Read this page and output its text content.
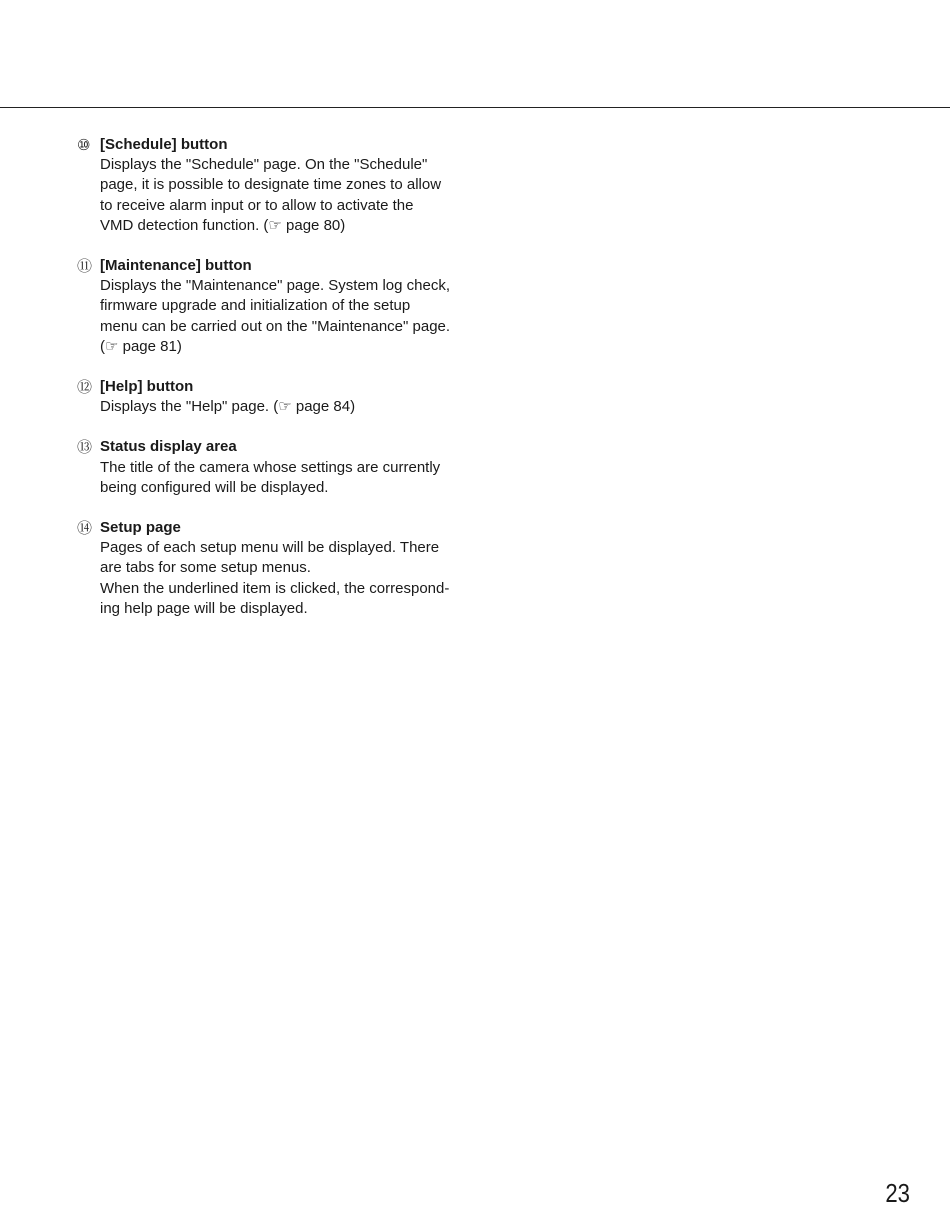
⑩ [Schedule] button
Displays the "Schedule" page. On the "Schedule"
page, it is possible to designate time zones to allow
to receive alarm input or to allow to activate the
VMD detection function. (☞ page 80)
⑪ [Maintenance] button
Displays the "Maintenance" page. System log check,
firmware upgrade and initialization of the setup
menu can be carried out on the "Maintenance" page.
(☞ page 81)
⑫ [Help] button
Displays the "Help" page. (☞ page 84)
⑬ Status display area
The title of the camera whose settings are currently
being configured will be displayed.
⑭ Setup page
Pages of each setup menu will be displayed. There
are tabs for some setup menus.
When the underlined item is clicked, the correspond-
ing help page will be displayed.
23
